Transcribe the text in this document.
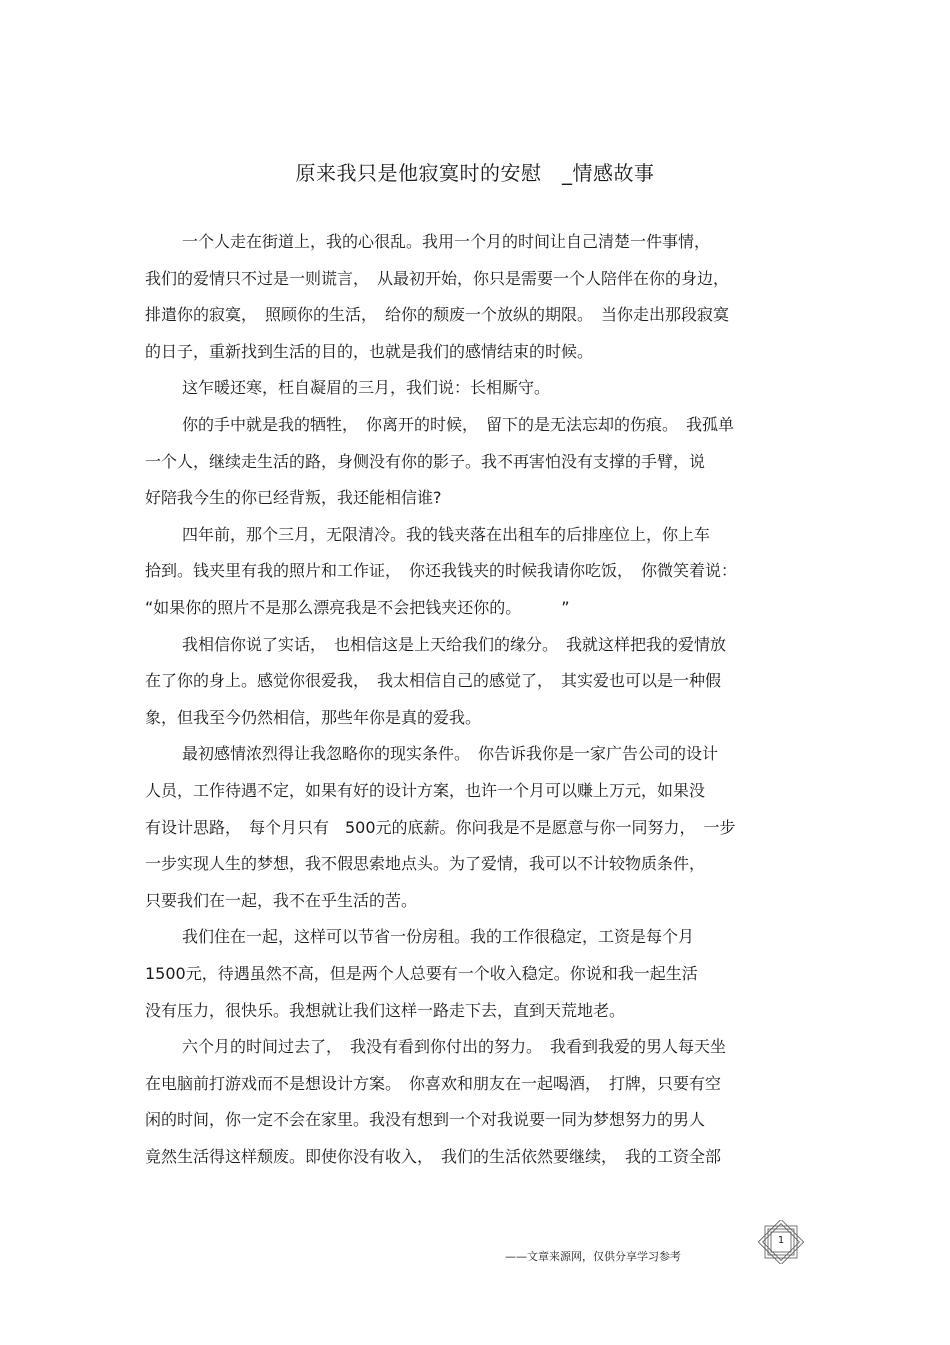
原来我只是他寂寞时的安慰　_情感故事
一个人走在街道上，我的心很乱。我用一个月的时间让自己清楚一件事情，
我们的爱情只不过是一则谎言，　从最初开始，你只是需要一个人陪伴在你的身边，
排遣你的寂寞，　照顾你的生活，　给你的颓废一个放纵的期限。　当你走出那段寂寞
的日子，重新找到生活的目的，也就是我们的感情结束的时候。
这乍暖还寒，枉自凝眉的三月，我们说：长相厮守。
你的手中就是我的牺牲，　你离开的时候，　留下的是无法忘却的伤痕。　我孤单
一个人，继续走生活的路，身侧没有你的影子。我不再害怕没有支撑的手臂，说
好陪我今生的你已经背叛，我还能相信谁?
四年前，那个三月，无限清冷。我的钱夹落在出租车的后排座位上，你上车
拾到。钱夹里有我的照片和工作证，　你还我钱夹的时候我请你吃饭，　你微笑着说：
“如果你的照片不是那么漂亮我是不会把钱夹还你的。　　　”
我相信你说了实话，　也相信这是上天给我们的缘分。　我就这样把我的爱情放
在了你的身上。感觉你很爱我，　我太相信自己的感觉了，　其实爱也可以是一种假
象，但我至今仍然相信，那些年你是真的爱我。
最初感情浓烈得让我忽略你的现实条件。　你告诉我你是一家广告公司的设计
人员，工作待遇不定，如果有好的设计方案，也许一个月可以赚上万元，如果没
有设计思路，　每个月只有　500元的底薪。你问我是不是愿意与你一同努力，　一步
一步实现人生的梦想，我不假思索地点头。为了爱情，我可以不计较物质条件，
只要我们在一起，我不在乎生活的苦。
我们住在一起，这样可以节省一份房租。我的工作很稳定，工资是每个月
1500元，待遇虽然不高，但是两个人总要有一个收入稳定。你说和我一起生活
没有压力，很快乐。我想就让我们这样一路走下去，直到天荒地老。
六个月的时间过去了，　我没有看到你付出的努力。　我看到我爱的男人每天坐
在电脑前打游戏而不是想设计方案。　你喜欢和朋友在一起喝酒，　打牌，只要有空
闲的时间，你一定不会在家里。我没有想到一个对我说要一同为梦想努力的男人
竟然生活得这样颓废。即使你没有收入，　我们的生活依然要继续，　我的工资全部
——文章来源网，仅供分享学习参考
1
